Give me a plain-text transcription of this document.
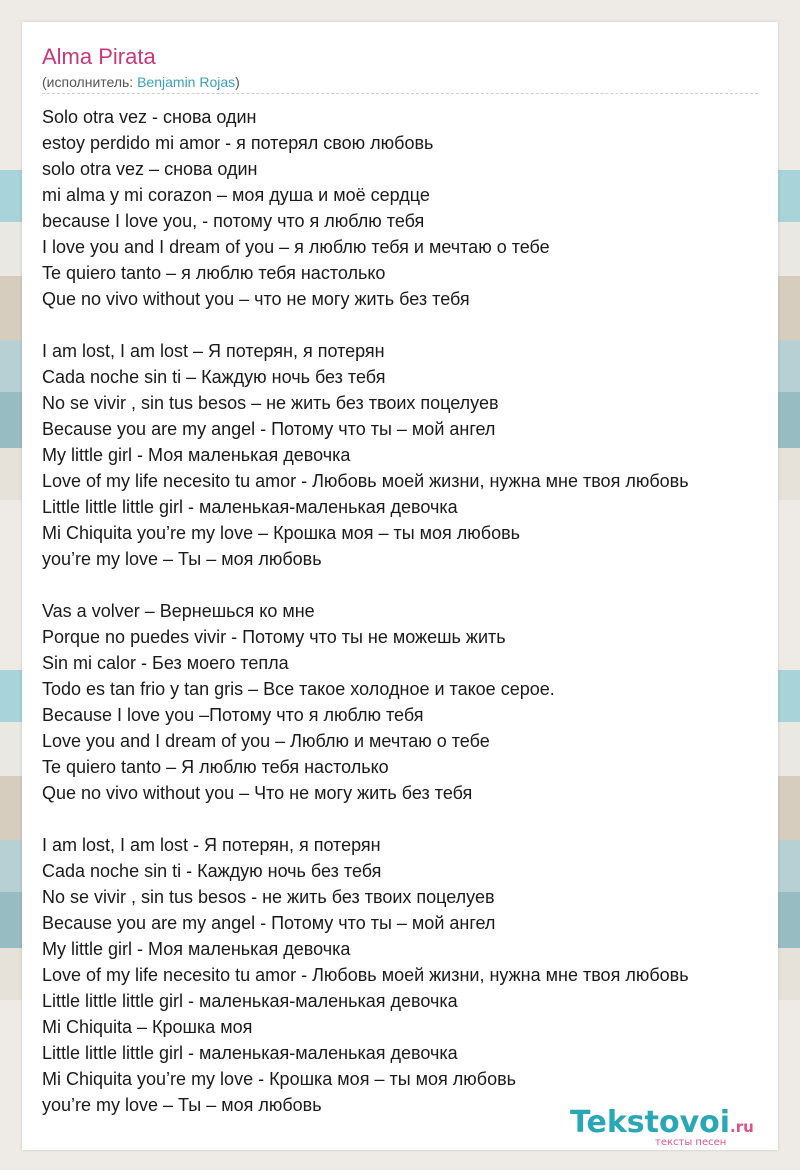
Alma Pirata
(исполнитель: Benjamin Rojas)
Solo otra vez - снова один
estoy perdido mi amor - я потерял свою любовь
solo otra vez – снова один
mi alma y mi corazon – моя душа и моё сердце
because I love you, - потому что я люблю тебя
I love you and I dream of you – я люблю тебя и мечтаю о тебе
Te quiero tanto – я люблю тебя настолько
Que no vivo without you – что не могу жить без тебя
I am lost, I am lost – Я потерян, я потерян
Cada noche sin ti – Каждую ночь без тебя
No se vivir , sin tus besos – не жить без твоих поцелуев
Because you are my angel - Потому что ты – мой ангел
My little girl - Моя маленькая девочка
Love of my life necesito tu amor - Любовь моей жизни, нужна мне твоя любовь
Little little little girl - маленькая-маленькая девочка
Mi Chiquita you’re my love – Крошка моя – ты моя любовь
you’re my love – Ты – моя любовь
Vas a volver – Вернешься ко мне
Porque no puedes vivir - Потому что ты не можешь жить
Sin mi calor - Без моего тепла
Todo es tan frio y tan gris – Все такое холодное и такое серое.
Because I love you –Потому что я люблю тебя
Love you and I dream of you – Люблю и мечтаю о тебе
Te quiero tanto – Я люблю тебя настолько
Que no vivo without you – Что не могу жить без тебя
I am lost, I am lost - Я потерян, я потерян
Cada noche sin ti - Каждую ночь без тебя
No se vivir , sin tus besos - не жить без твоих поцелуев
Because you are my angel - Потому что ты – мой ангел
My little girl - Моя маленькая девочка
Love of my life necesito tu amor - Любовь моей жизни, нужна мне твоя любовь
Little little little girl - маленькая-маленькая девочка
Mi Chiquita – Крошка моя
Little little little girl - маленькая-маленькая девочка
Mi Chiquita you’re my love - Крошка моя – ты моя любовь
you’re my love – Ты – моя любовь	Tekstovoi.ru
тексты песен
